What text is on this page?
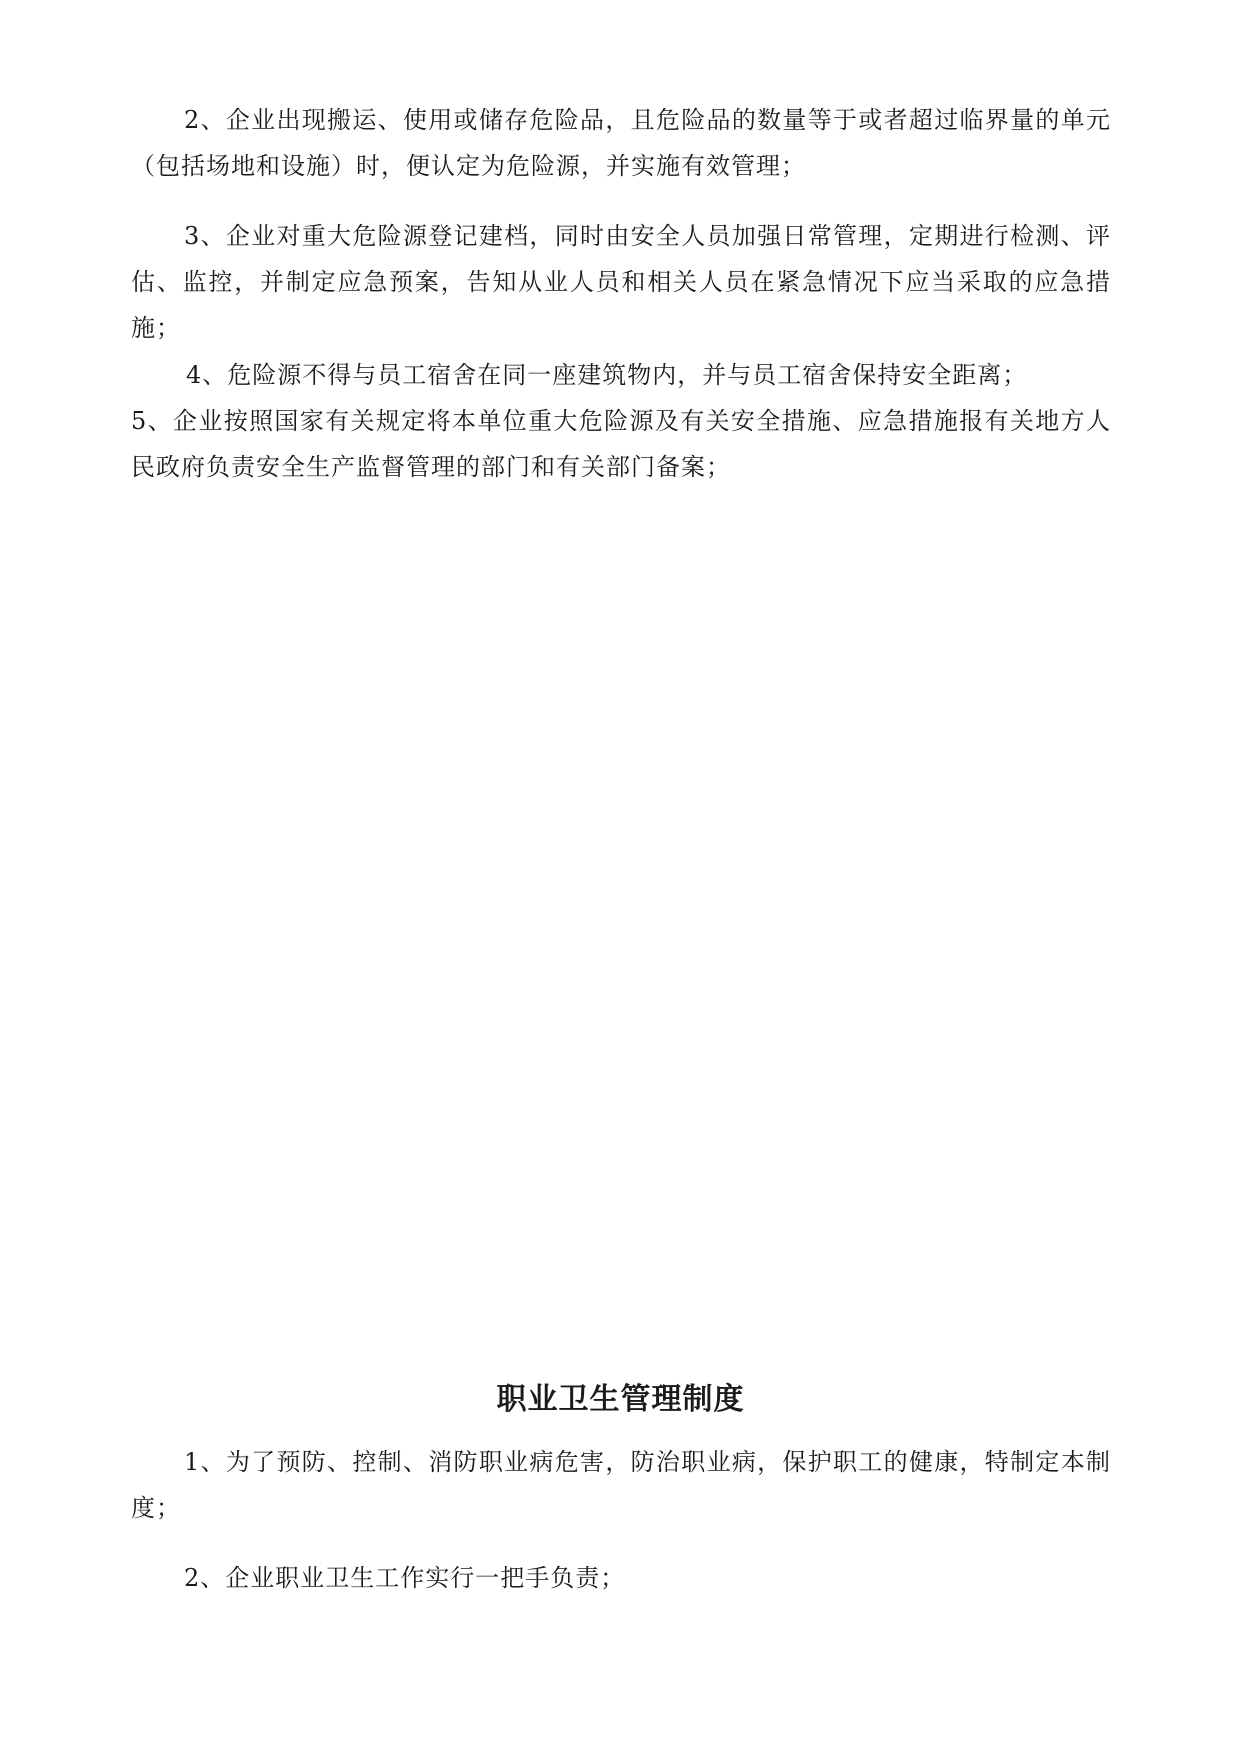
2、企业出现搬运、使用或储存危险品，且危险品的数量等于或者超过临界量的单元（包括场地和设施）时，便认定为危险源，并实施有效管理；

3、企业对重大危险源登记建档，同时由安全人员加强日常管理，定期进行检测、评估、监控，并制定应急预案，告知从业人员和相关人员在紧急情况下应当采取的应急措施；

4、危险源不得与员工宿舍在同一座建筑物内，并与员工宿舍保持安全距离；

5、企业按照国家有关规定将本单位重大危险源及有关安全措施、应急措施报有关地方人民政府负责安全生产监督管理的部门和有关部门备案；

职业卫生管理制度

1、为了预防、控制、消防职业病危害，防治职业病，保护职工的健康，特制定本制度；

2、企业职业卫生工作实行一把手负责；
